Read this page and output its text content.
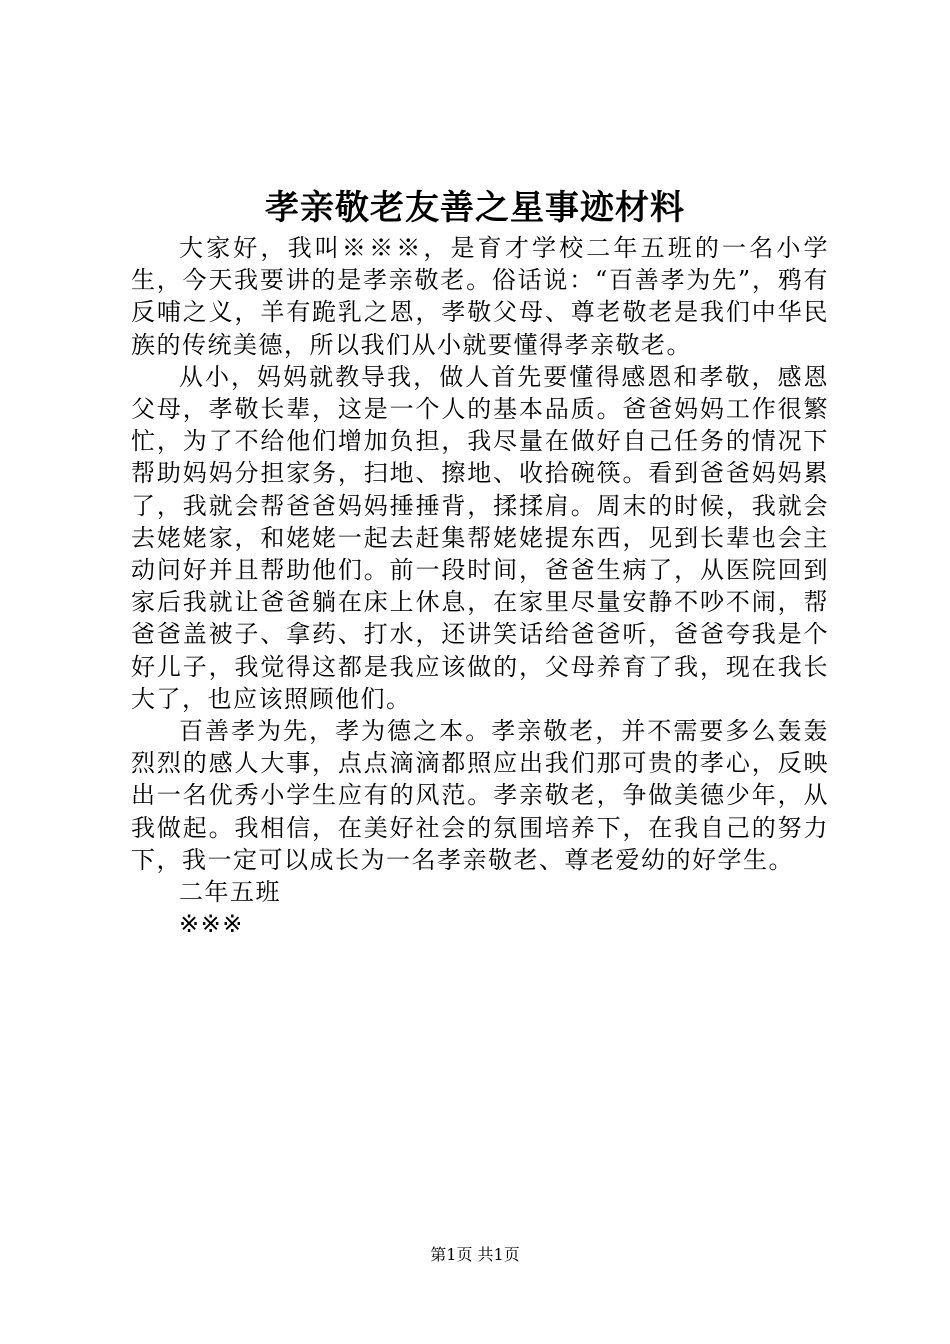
孝亲敬老友善之星事迹材料

大家好，我叫※※※，是育才学校二年五班的一名小学生，今天我要讲的是孝亲敬老。俗话说：“百善孝为先”，鸦有反哺之义，羊有跪乳之恩，孝敬父母、尊老敬老是我们中华民族的传统美德，所以我们从小就要懂得孝亲敬老。

从小，妈妈就教导我，做人首先要懂得感恩和孝敬，感恩父母，孝敬长辈，这是一个人的基本品质。爸爸妈妈工作很繁忙，为了不给他们增加负担，我尽量在做好自己任务的情况下帮助妈妈分担家务，扫地、擦地、收拾碗筷。看到爸爸妈妈累了，我就会帮爸爸妈妈捶捶背，揉揉肩。周末的时候，我就会去姥姥家，和姥姥一起去赶集帮姥姥提东西，见到长辈也会主动问好并且帮助他们。前一段时间，爸爸生病了，从医院回到家后我就让爸爸躺在床上休息，在家里尽量安静不吵不闹，帮爸爸盖被子、拿药、打水，还讲笑话给爸爸听，爸爸夸我是个好儿子，我觉得这都是我应该做的，父母养育了我，现在我长大了，也应该照顾他们。

百善孝为先，孝为德之本。孝亲敬老，并不需要多么轰轰烈烈的感人大事，点点滴滴都照应出我们那可贵的孝心，反映出一名优秀小学生应有的风范。孝亲敬老，争做美德少年，从我做起。我相信，在美好社会的氛围培养下，在我自己的努力下，我一定可以成长为一名孝亲敬老、尊老爱幼的好学生。

二年五班

※※※

第1页 共1页
